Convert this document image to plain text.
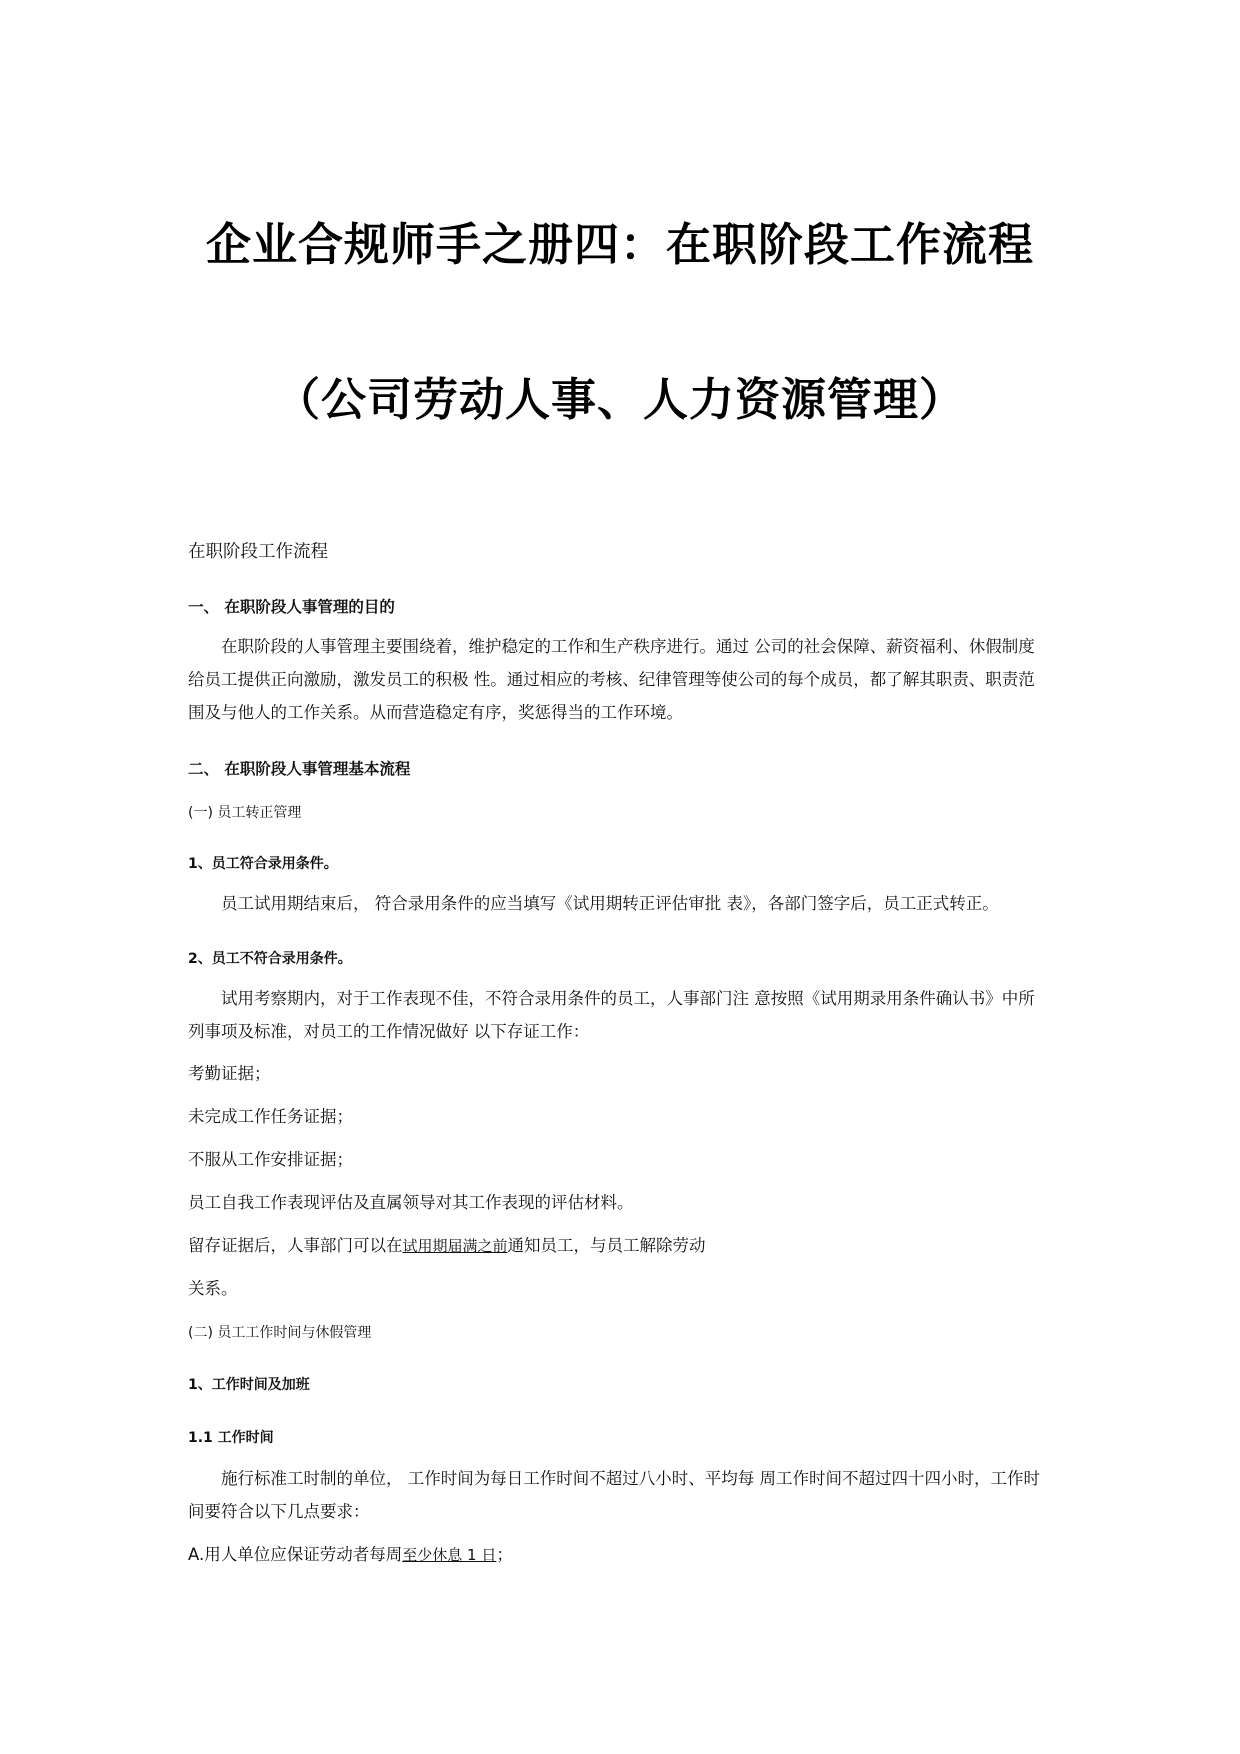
企业合规师手之册四：在职阶段工作流程
（公司劳动人事、人力资源管理）
在职阶段工作流程
一、 在职阶段人事管理的目的
　　在职阶段的人事管理主要围绕着，维护稳定的工作和生产秩序进行。通过 公司的社会保障、薪资福利、休假制度
给员工提供正向激励，激发员工的积极 性。通过相应的考核、纪律管理等使公司的每个成员，都了解其职责、职责范
围及与他人的工作关系。从而营造稳定有序，奖惩得当的工作环境。
二、 在职阶段人事管理基本流程
(一) 员工转正管理
1、员工符合录用条件。
　　员工试用期结束后， 符合录用条件的应当填写《试用期转正评估审批 表》，各部门签字后，员工正式转正。
2、员工不符合录用条件。
　　试用考察期内，对于工作表现不佳，不符合录用条件的员工，人事部门注 意按照《试用期录用条件确认书》中所
列事项及标准，对员工的工作情况做好 以下存证工作：
考勤证据；
未完成工作任务证据；
不服从工作安排证据；
员工自我工作表现评估及直属领导对其工作表现的评估材料。
留存证据后，人事部门可以在试用期届满之前通知员工，与员工解除劳动
关系。
(二) 员工工作时间与休假管理
1、工作时间及加班
1.1 工作时间
　　施行标准工时制的单位， 工作时间为每日工作时间不超过八小时、平均每 周工作时间不超过四十四小时，工作时
间要符合以下几点要求：
A.用人单位应保证劳动者每周至少休息 1 日；
